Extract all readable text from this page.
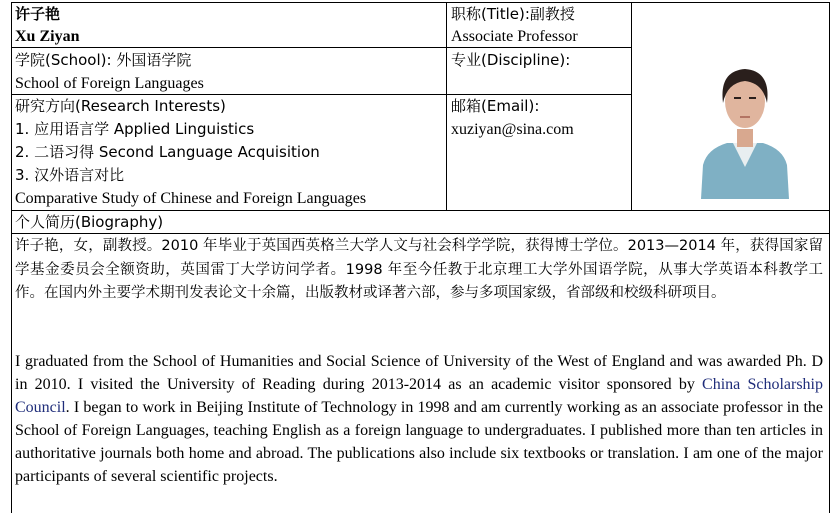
许子艳
Xu Ziyan
职称(Title):副教授
Associate Professor
学院(School): 外国语学院
School of Foreign Languages
专业(Discipline):
研究方向(Research Interests)
1. 应用语言学 Applied Linguistics
2. 二语习得 Second Language Acquisition
3. 汉外语言对比
Comparative Study of Chinese and Foreign Languages
邮箱(Email):
xuziyan@sina.com
个人简历(Biography)
许子艳，女，副教授。2010 年毕业于英国西英格兰大学人文与社会科学学院，获得博士学位。2013—2014 年，获得国家留学基金委员会全额资助，英国雷丁大学访问学者。1998 年至今任教于北京理工大学外国语学院，从事大学英语本科教学工作。在国内外主要学术期刊发表论文十余篇，出版教材或译著六部，参与多项国家级，省部级和校级科研项目。
I graduated from the School of Humanities and Social Science of University of the West of England and was awarded Ph. D in 2010. I visited the University of Reading during 2013-2014 as an academic visitor sponsored by China Scholarship Council. I began to work in Beijing Institute of Technology in 1998 and am currently working as an associate professor in the School of Foreign Languages, teaching English as a foreign language to undergraduates. I published more than ten articles in authoritative journals both home and abroad. The publications also include six textbooks or translation. I am one of the major participants of several scientific projects.
